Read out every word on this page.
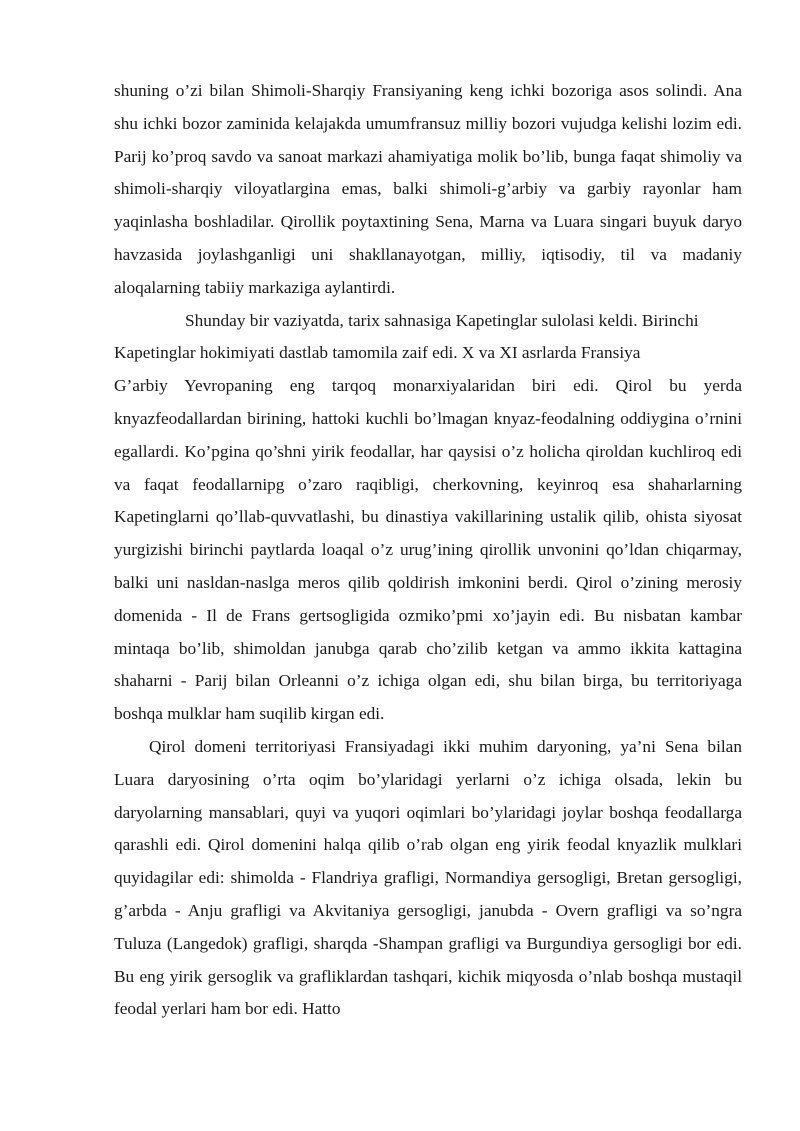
shuning o’zi bilan Shimoli-Sharqiy Fransiyaning keng ichki bozoriga asos solindi. Ana shu ichki bozor zaminida kelajakda umumfransuz milliy bozori vujudga kelishi lozim edi. Parij ko’proq savdo va sanoat markazi ahamiyatiga molik bo’lib, bunga faqat shimoliy va shimoli-sharqiy viloyatlargina emas, balki shimoli-g’arbiy va garbiy rayonlar ham yaqinlasha boshladilar. Qirollik poytaxtining Sena, Marna va Luara singari buyuk daryo havzasida joylashganligi uni shakllanayotgan, milliy, iqtisodiy, til va madaniy aloqalarning tabiiy markaziga aylantirdi.

Shunday bir vaziyatda, tarix sahnasiga Kapetinglar sulolasi keldi. Birinchi Kapetinglar hokimiyati dastlab tamomila zaif edi. X va XI asrlarda Fransiya

G’arbiy Yevropaning eng tarqoq monarxiyalaridan biri edi. Qirol bu yerda knyazfeodallardan birining, hattoki kuchli bo’lmagan knyaz-feodalning oddiygina o’rnini egallardi. Ko’pgina qo’shni yirik feodallar, har qaysisi o’z holicha qiroldan kuchliroq edi va faqat feodallarnipg o’zaro raqibligi, cherkovning, keyinroq esa shaharlarning Kapetinglarni qo’llab-quvvatlashi, bu dinastiya vakillarining ustalik qilib, ohista siyosat yurgizishi birinchi paytlarda loaqal o’z urug’ining qirollik unvonini qo’ldan chiqarmay, balki uni nasldan-naslga meros qilib qoldirish imkonini berdi. Qirol o’zining merosiy domenida - Il de Frans gertsogligida ozmiko’pmi xo’jayin edi. Bu nisbatan kambar mintaqa bo’lib, shimoldan janubga qarab cho’zilib ketgan va ammo ikkita kattagina shaharni - Parij bilan Orleanni o’z ichiga olgan edi, shu bilan birga, bu territoriyaga boshqa mulklar ham suqilib kirgan edi.

Qirol domeni territoriyasi Fransiyadagi ikki muhim daryoning, ya’ni Sena bilan Luara daryosining o’rta oqim bo’ylaridagi yerlarni o’z ichiga olsada, lekin bu daryolarning mansablari, quyi va yuqori oqimlari bo’ylaridagi joylar boshqa feodallarga qarashli edi. Qirol domenini halqa qilib o’rab olgan eng yirik feodal knyazlik mulklari quyidagilar edi: shimolda - Flandriya grafligi, Normandiya gersogligi, Bretan gersogligi, g’arbda - Anju grafligi va Akvitaniya gersogligi, janubda - Overn grafligi va so’ngra Tuluza (Langedok) grafligi, sharqda -Shampan grafligi va Burgundiya gersogligi bor edi. Bu eng yirik gersoglik va grafliklardan tashqari, kichik miqyosda o’nlab boshqa mustaqil feodal yerlari ham bor edi. Hatto
